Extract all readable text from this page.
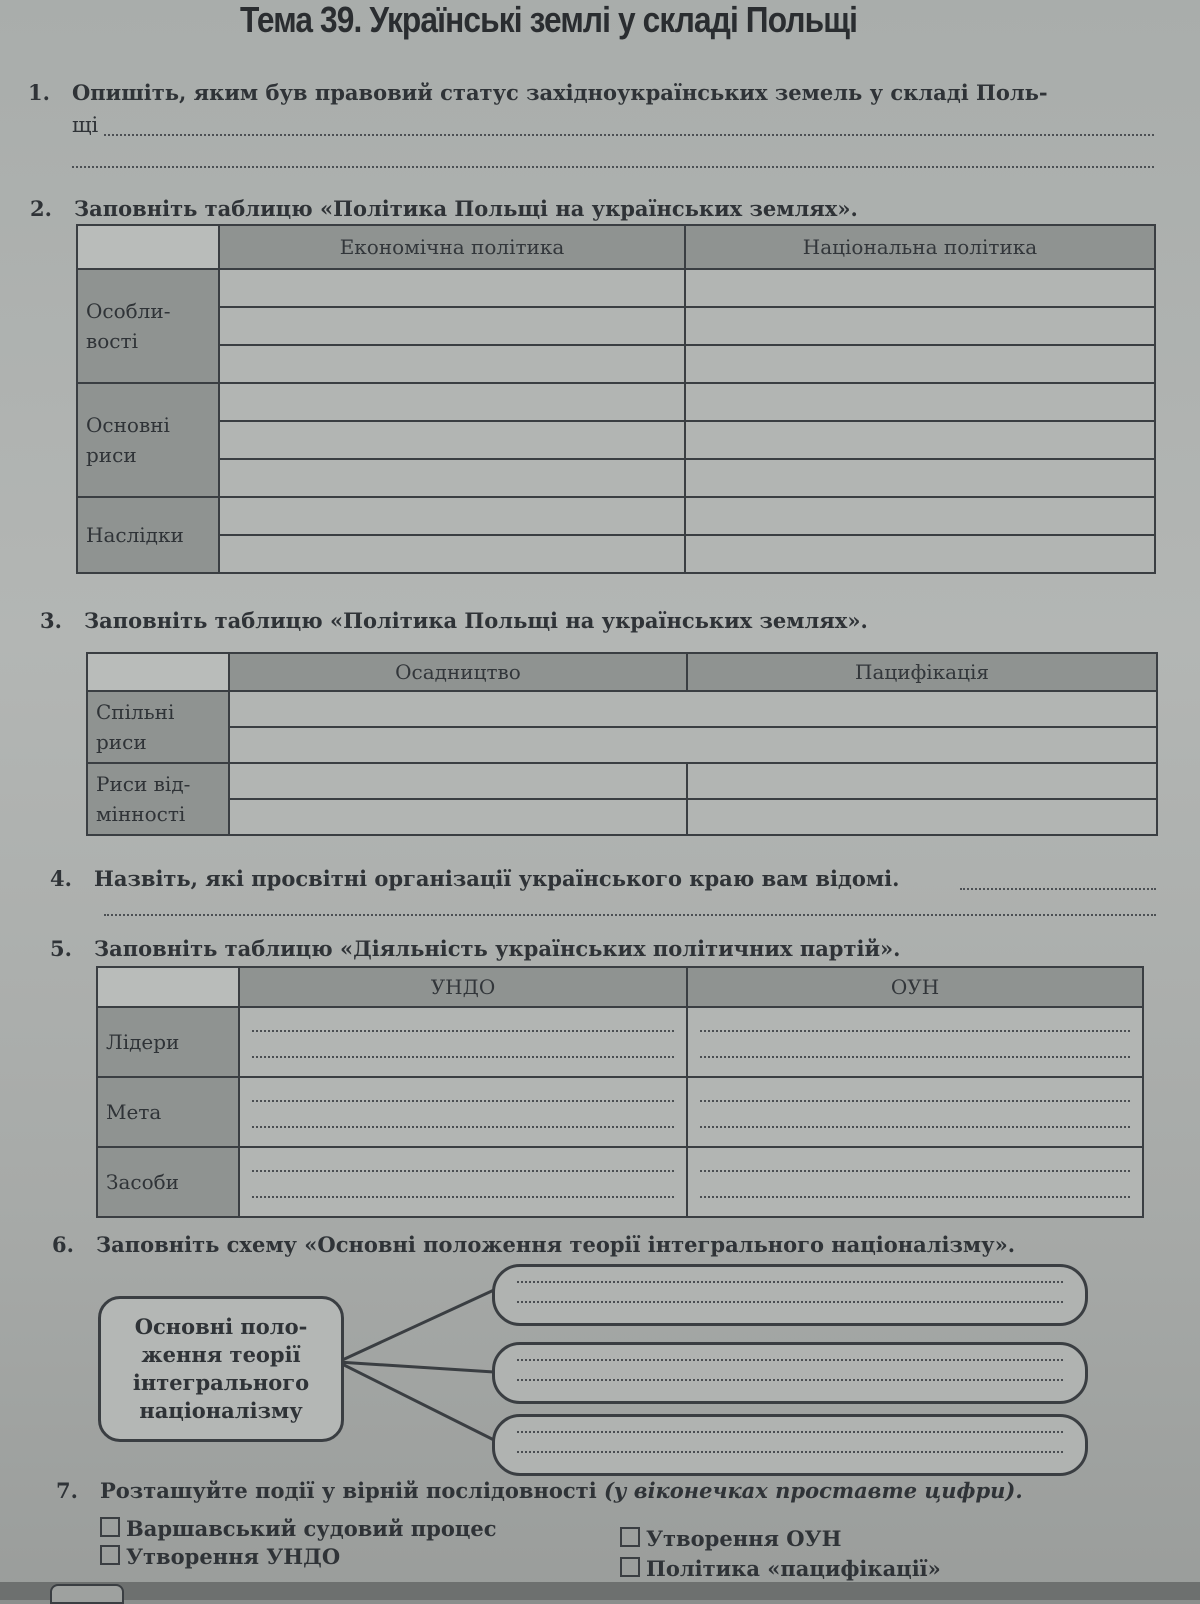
Тема 39. Українські землі у складі Польщі
1. Опишіть, яким був правовий статус західноукраїнських земель у складі Поль-
щі
2. Заповніть таблицю «Політика Польщі на українських землях».
	Економічна політика	Національна політика
Особли- вості		

Основні риси		

Наслідки		

3. Заповніть таблицю «Політика Польщі на українських землях».
	Осадництво	Пацифікація
Спільні риси		

Риси від- мінності		

4. Назвіть, які просвітні організації українського краю вам відомі.
5. Заповніть таблицю «Діяльність українських політичних партій».
	УНДО	ОУН
Лідери	

Мета	

Засоби	

6. Заповніть схему «Основні положення теорії інтегрального націоналізму».
Основні поло- ження теорії інтегрального націоналізму
7. Розташуйте події у вірній послідовності (у віконечках проставте цифри).
Варшавський судовий процес
Утворення УНДО
Утворення ОУН
Політика «пацифікації»
